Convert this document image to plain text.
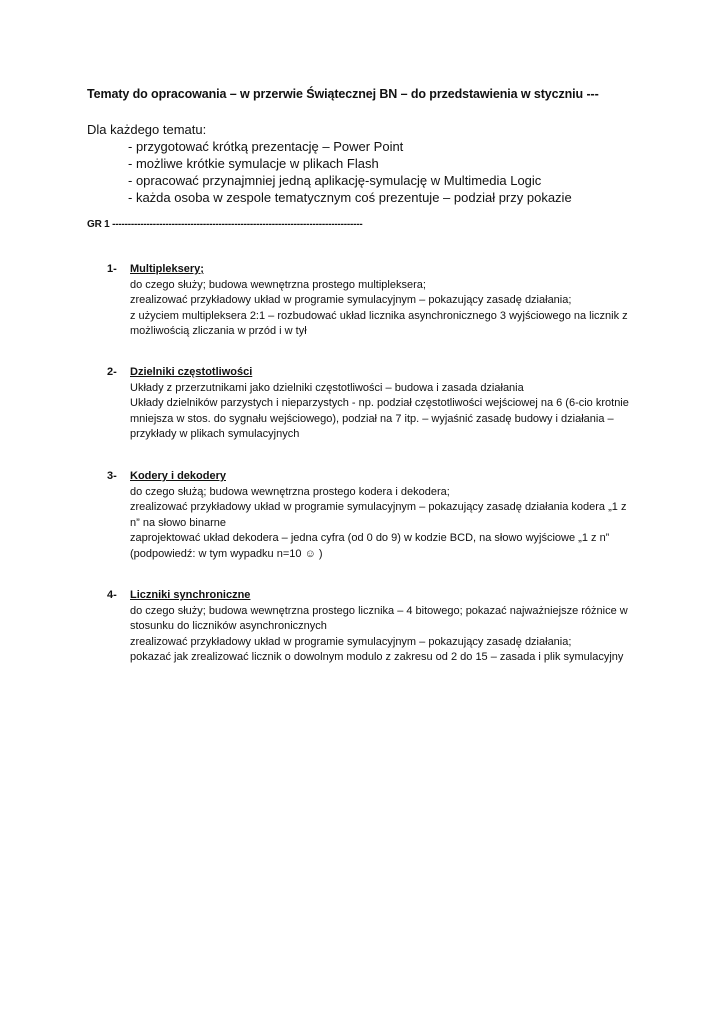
Tematy do opracowania – w przerwie Świątecznej BN – do przedstawienia w styczniu ---
Dla każdego tematu:
- przygotować krótką prezentację – Power Point
- możliwe krótkie symulacje w plikach Flash
- opracować przynajmniej jedną aplikację-symulację w Multimedia Logic
- każda osoba w zespole tematycznym coś prezentuje – podział przy pokazie
GR 1 --------------------------------------------------------------------------------
1- Multipleksery;
do czego służy; budowa wewnętrzna prostego multipleksera;
zrealizować przykładowy układ w programie symulacyjnym – pokazujący zasadę działania;
z użyciem multipleksera 2:1 – rozbudować układ licznika asynchronicznego 3 wyjściowego na licznik z
możliwością zliczania w przód i w tył
2- Dzielniki częstotliwości
Układy z przerzutnikami jako dzielniki częstotliwości – budowa i zasada działania
Układy dzielników parzystych i nieparzystych - np. podział częstotliwości wejściowej na 6 (6-cio krotnie
mniejsza w stos. do sygnału wejściowego), podział na 7 itp. – wyjaśnić zasadę budowy i działania –
przykłady w plikach symulacyjnych
3- Kodery i dekodery
do czego służą; budowa wewnętrzna prostego kodera i dekodera;
zrealizować przykładowy układ w programie symulacyjnym – pokazujący zasadę działania kodera „1 z
n” na słowo binarne
zaprojektować układ dekodera – jedna cyfra (od 0 do 9) w kodzie BCD, na słowo wyjściowe „1 z n”
(podpowiedź: w tym wypadku n=10 ☺ )
4- Liczniki synchroniczne
do czego służy; budowa wewnętrzna prostego licznika – 4 bitowego; pokazać najważniejsze różnice w
stosunku do liczników asynchronicznych
zrealizować przykładowy układ w programie symulacyjnym – pokazujący zasadę działania;
pokazać jak zrealizować licznik o dowolnym modulo z zakresu od 2 do 15 – zasada i plik symulacyjny
